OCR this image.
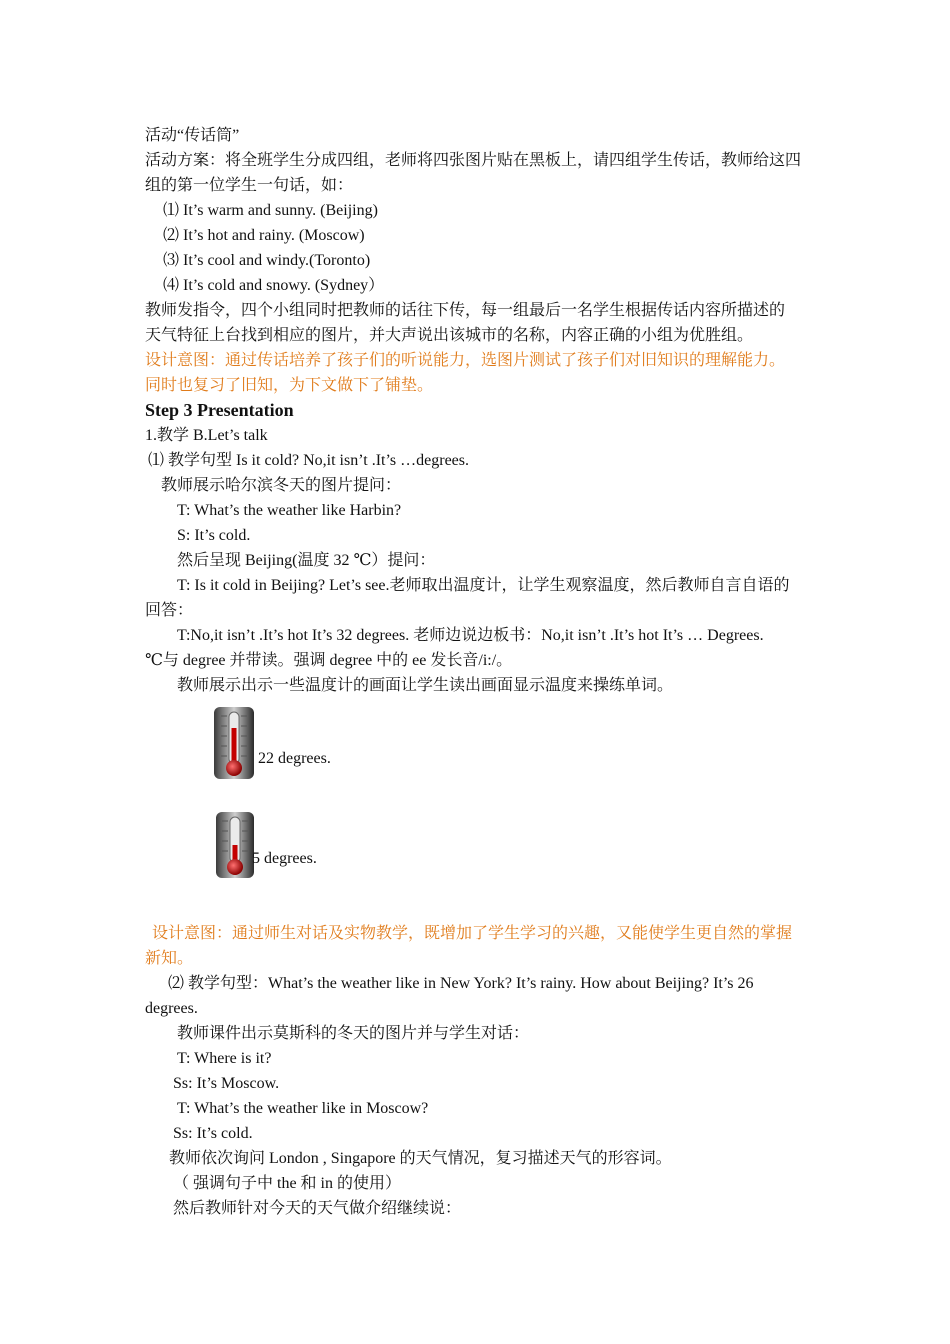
活动“传话筒”
活动方案：将全班学生分成四组，老师将四张图片贴在黑板上，请四组学生传话，教师给这四
组的第一位学生一句话，如：
⑴ It’s warm and sunny. (Beijing)
⑵ It’s hot and rainy. (Moscow)
⑶ It’s cool and windy.(Toronto)
⑷ It’s cold and snowy. (Sydney）
教师发指令，四个小组同时把教师的话往下传，每一组最后一名学生根据传话内容所描述的
天气特征上台找到相应的图片，并大声说出该城市的名称，内容正确的小组为优胜组。
设计意图：通过传话培养了孩子们的听说能力，选图片测试了孩子们对旧知识的理解能力。
同时也复习了旧知，为下文做下了铺垫。
Step 3 Presentation
1.教学 B.Let’s talk
⑴ 教学句型 Is it cold? No,it isn’t .It’s …degrees.
教师展示哈尔滨冬天的图片提问：
T: What’s the weather like Harbin?
S: It’s cold.
然后呈现 Beijing(温度 32 ℃）提问：
T: Is it cold in Beijing? Let’s see.老师取出温度计，让学生观察温度，然后教师自言自语的
回答：
T:No,it isn’t .It’s hot It’s 32 degrees. 老师边说边板书：No,it isn’t .It’s hot It’s … Degrees.
℃与 degree 并带读。强调 degree 中的 ee 发长音/i:/。
教师展示出示一些温度计的画面让学生读出画面显示温度来操练单词。
22 degrees.
5 degrees.
设计意图：通过师生对话及实物教学，既增加了学生学习的兴趣，又能使学生更自然的掌握
新知。
⑵ 教学句型：What’s the weather like in New York? It’s rainy. How about Beijing? It’s 26
degrees.
教师课件出示莫斯科的冬天的图片并与学生对话：
T: Where is it?
Ss: It’s Moscow.
T: What’s the weather like in Moscow?
Ss: It’s cold.
教师依次询问 London , Singapore 的天气情况，复习描述天气的形容词。
（ 强调句子中 the 和 in 的使用）
然后教师针对今天的天气做介绍继续说：
